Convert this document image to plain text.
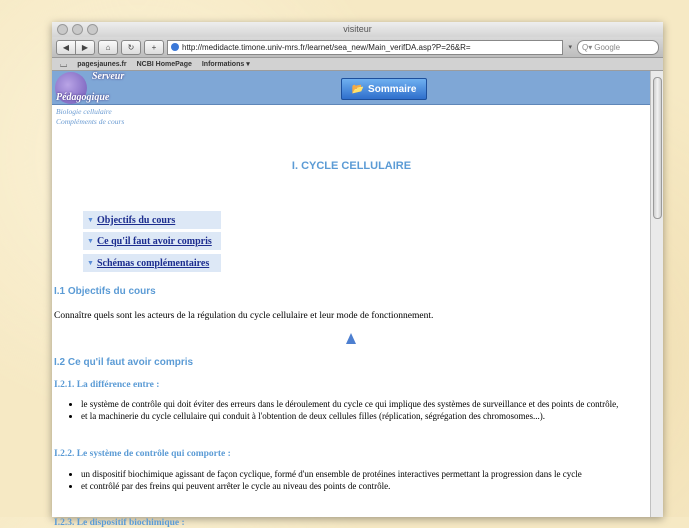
visiteur
◀ ▶ ⌂ ↻ +	http://medidacte.timone.univ-mrs.fr/learnet/sea_new/Main_verifDA.asp?P=26&R=	▾ Q▾ Google
⌴ pagesjaunes.fr NCBI HomePage Informations ▾
Serveur
Pédagogique
📂 Sommaire
Biologie cellulaire
Compléments de cours
I. CYCLE CELLULAIRE
▼ Objectifs du cours
▼ Ce qu'il faut avoir compris
▼ Schémas complémentaires
I.1 Objectifs du cours
Connaître quels sont les acteurs de la régulation du cycle cellulaire et leur mode de fonctionnement.
I.2 Ce qu'il faut avoir compris
I.2.1. La différence entre :
• le système de contrôle qui doit éviter des erreurs dans le déroulement du cycle ce qui implique des systèmes de surveillance et des points de contrôle,
• et la machinerie du cycle cellulaire qui conduit à l'obtention de deux cellules filles (réplication, ségrégation des chromosomes...).
I.2.2. Le système de contrôle qui comporte :
• un dispositif biochimique agissant de façon cyclique, formé d'un ensemble de protéines interactives permettant la progression dans le cycle
• et contrôlé par des freins qui peuvent arrêter le cycle au niveau des points de contrôle.
I.2.3. Le dispositif biochimique :
